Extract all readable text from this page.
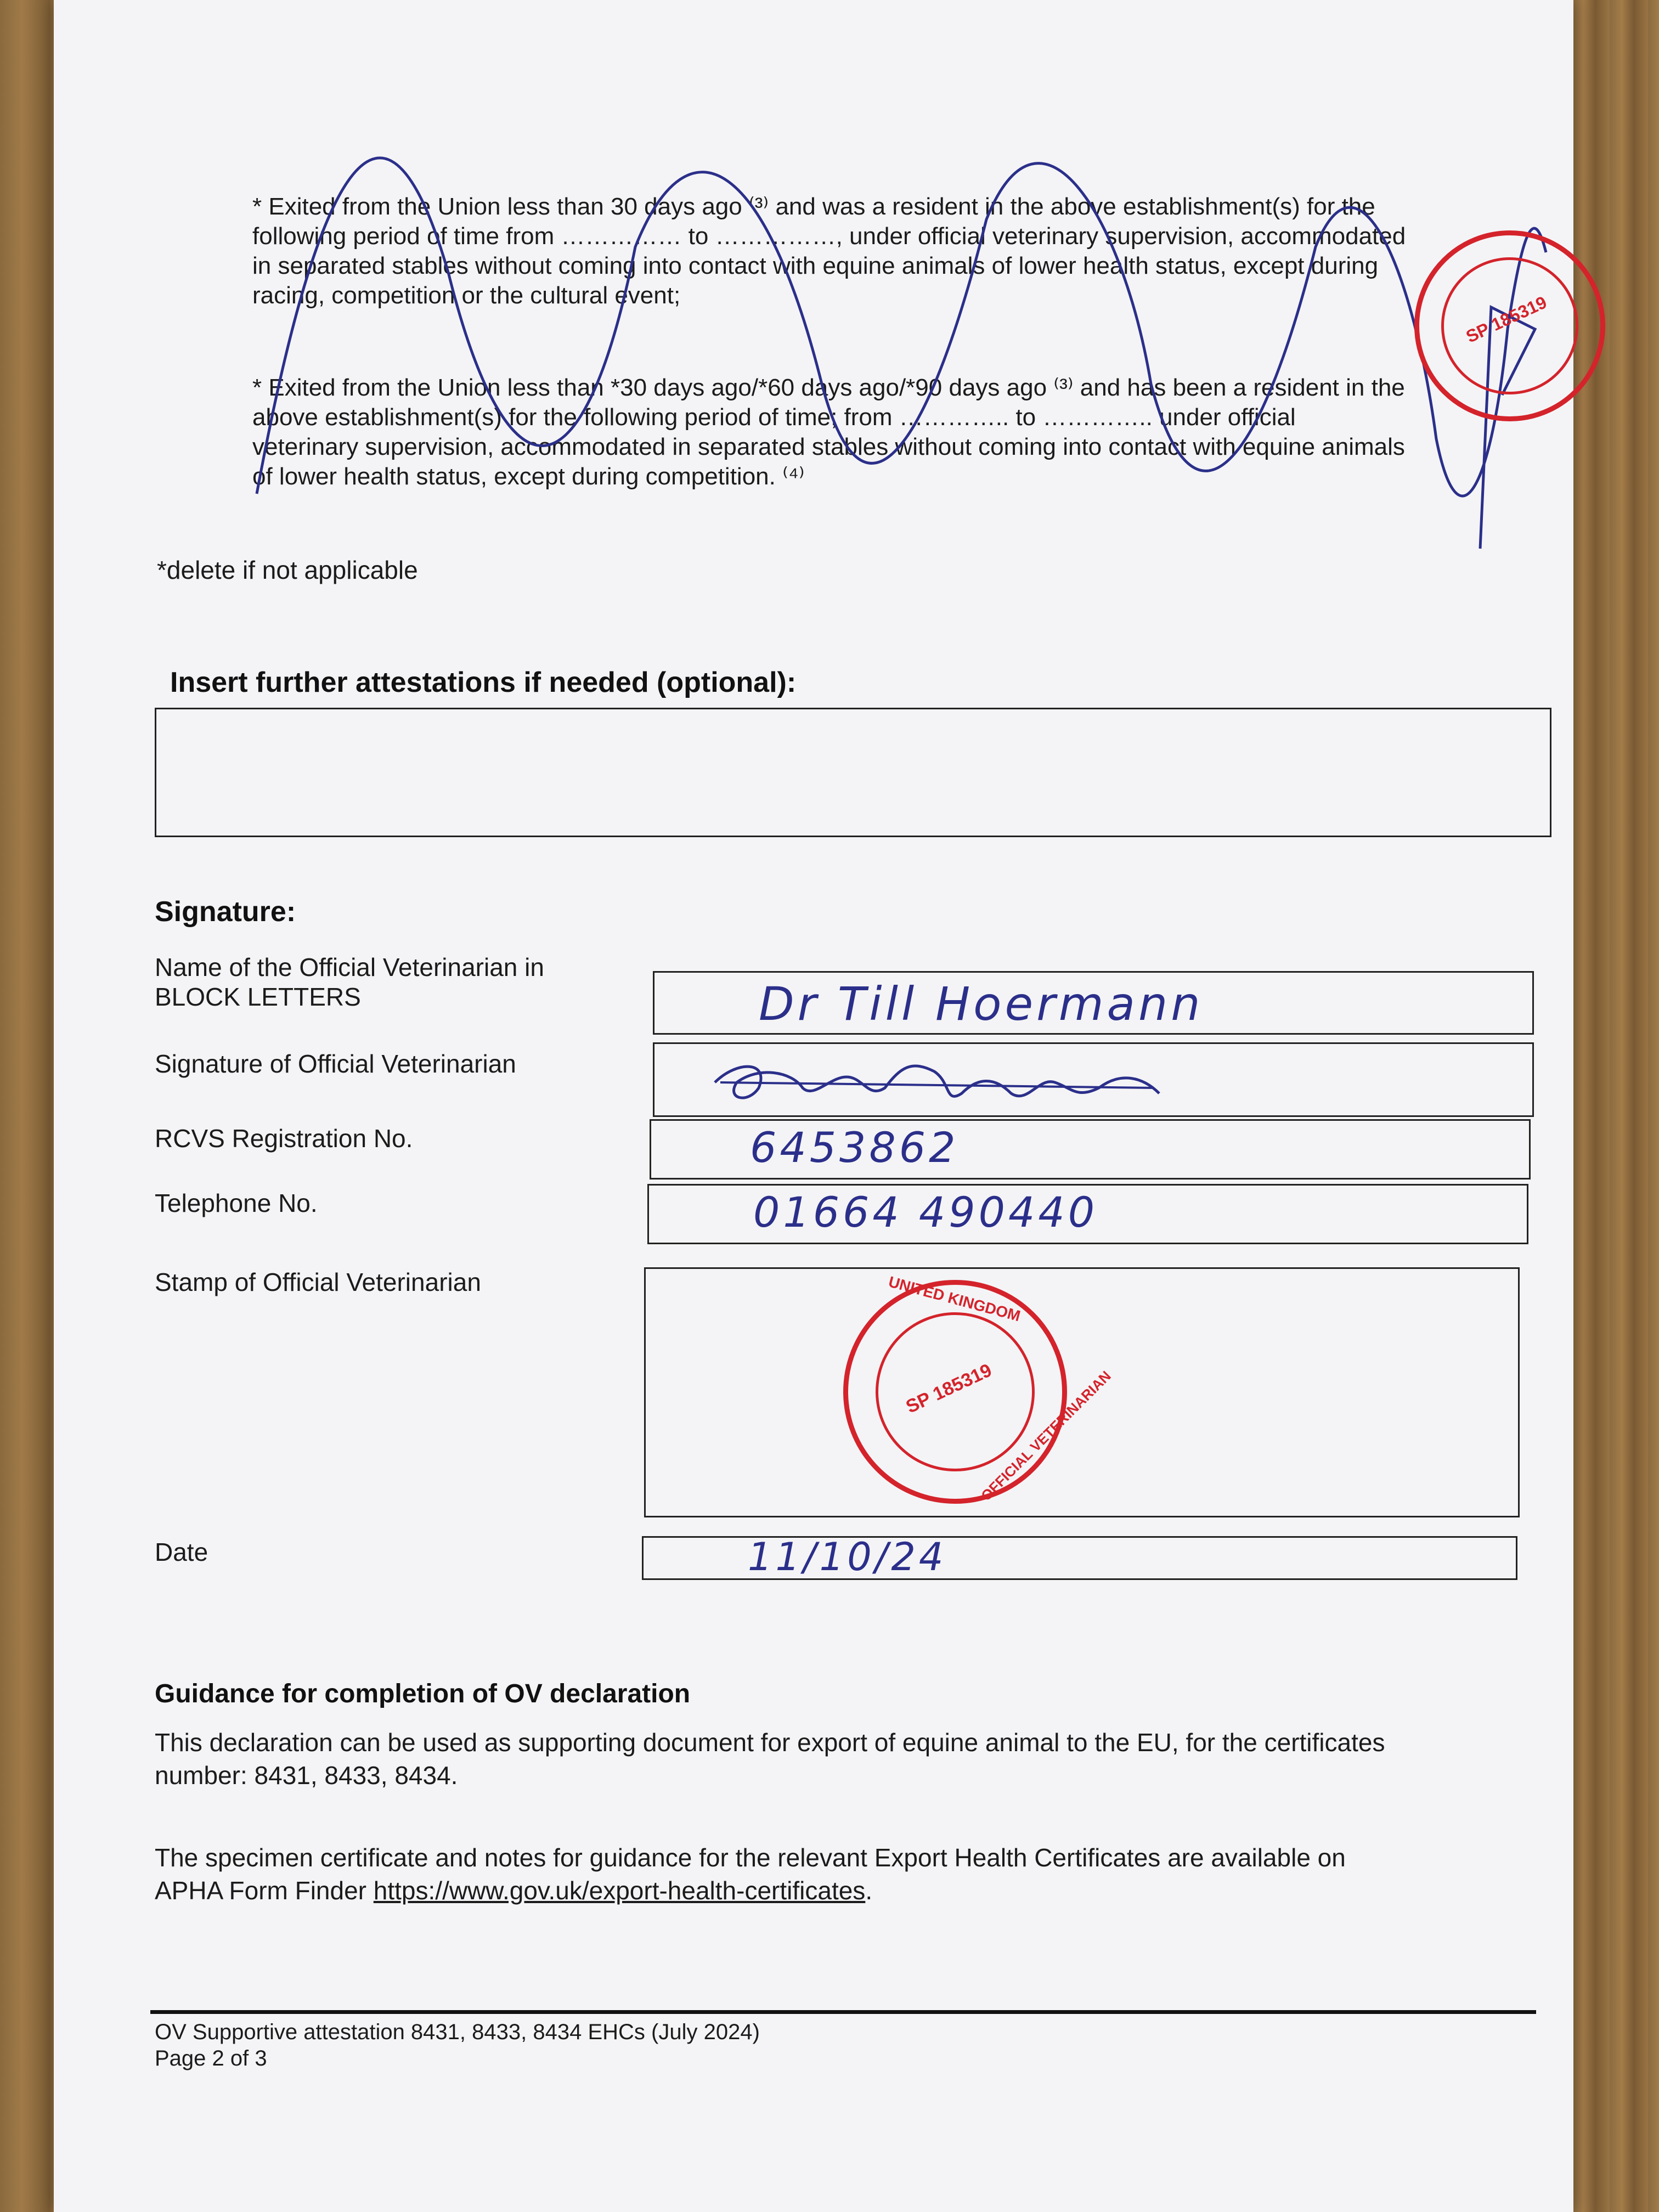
* Exited from the Union less than 30 days ago ⁽³⁾ and was a resident in the above establishment(s) for the
following period of time from …………… to ……………, under official veterinary supervision, accommodated
in separated stables without coming into contact with equine animals of lower health status, except during
racing, competition or the cultural event;
* Exited from the Union less than *30 days ago/*60 days ago/*90 days ago ⁽³⁾ and has been a resident in the
above establishment(s) for the following period of time; from ………….. to ………….. under official
veterinary supervision, accommodated in separated stables without coming into contact with equine animals
of lower health status, except during competition. ⁽⁴⁾
SP 185319
*delete if not applicable
Insert further attestations if needed (optional):
Signature:
Name of the Official Veterinarian in
BLOCK LETTERS	Dr Till Hoermann
Signature of Official Veterinarian
RCVS Registration No.	6453862
Telephone No.	01664 490440
Stamp of Official Veterinarian
SP 185319
UNITED KINGDOM
OFFICIAL VETERINARIAN
Date	11/10/24
Guidance for completion of OV declaration
This declaration can be used as supporting document for export of equine animal to the EU, for the certificates
number: 8431, 8433, 8434.
The specimen certificate and notes for guidance for the relevant Export Health Certificates are available on
APHA Form Finder https://www.gov.uk/export-health-certificates.
OV Supportive attestation 8431, 8433, 8434 EHCs (July 2024)
Page 2 of 3
